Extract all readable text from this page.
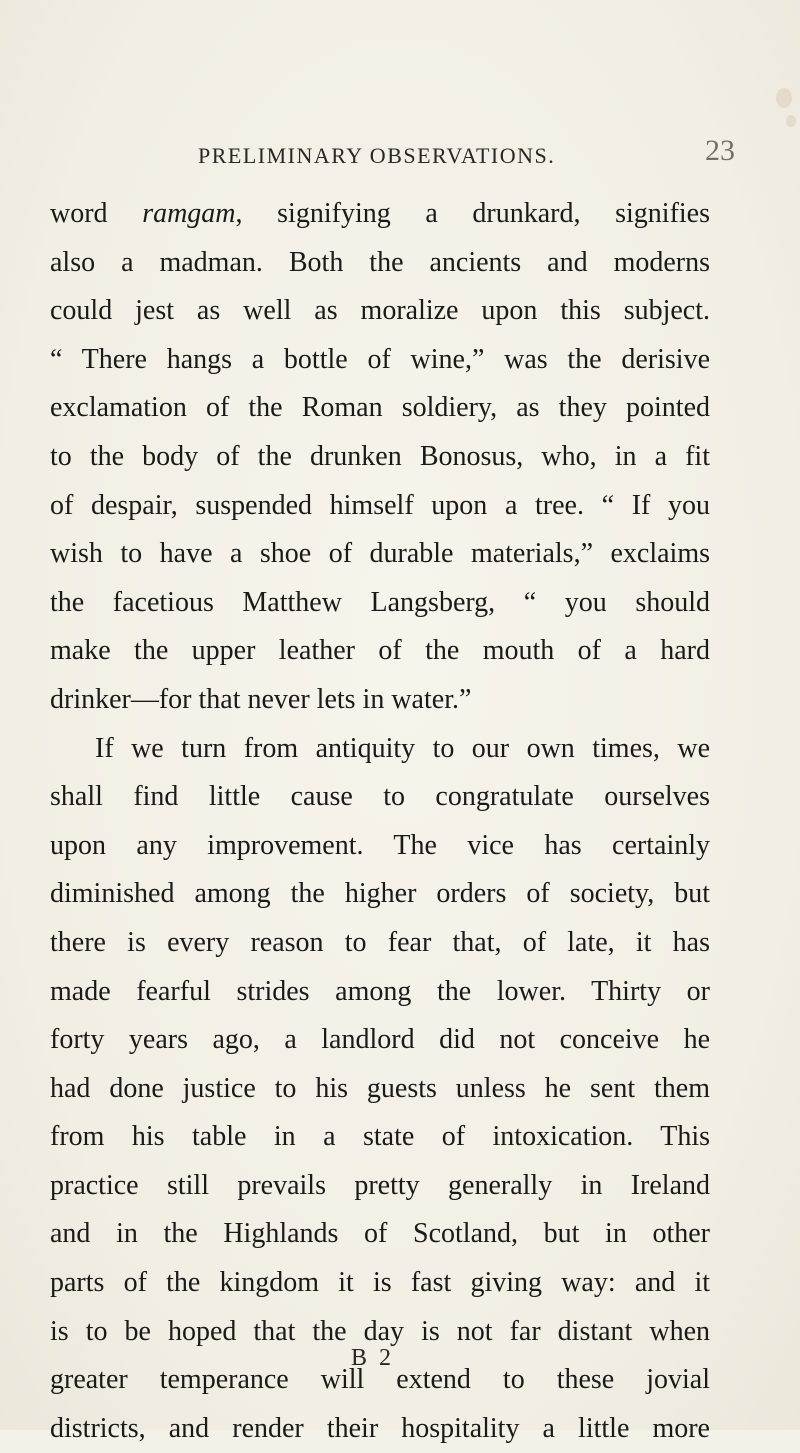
PRELIMINARY OBSERVATIONS.	23
word ramgam, signifying a drunkard, signifies
also a madman. Both the ancients and moderns
could jest as well as moralize upon this subject.
“ There hangs a bottle of wine,” was the derisive
exclamation of the Roman soldiery, as they pointed
to the body of the drunken Bonosus, who, in a fit
of despair, suspended himself upon a tree. “ If you
wish to have a shoe of durable materials,” exclaims
the facetious Matthew Langsberg, “ you should
make the upper leather of the mouth of a hard
drinker—for that never lets in water.”
If we turn from antiquity to our own times, we
shall find little cause to congratulate ourselves
upon any improvement. The vice has certainly
diminished among the higher orders of society, but
there is every reason to fear that, of late, it has
made fearful strides among the lower. Thirty or
forty years ago, a landlord did not conceive he
had done justice to his guests unless he sent them
from his table in a state of intoxication. This
practice still prevails pretty generally in Ireland
and in the Highlands of Scotland, but in other
parts of the kingdom it is fast giving way: and it
is to be hoped that the day is not far distant when
greater temperance will extend to these jovial
districts, and render their hospitality a little more
B 2
